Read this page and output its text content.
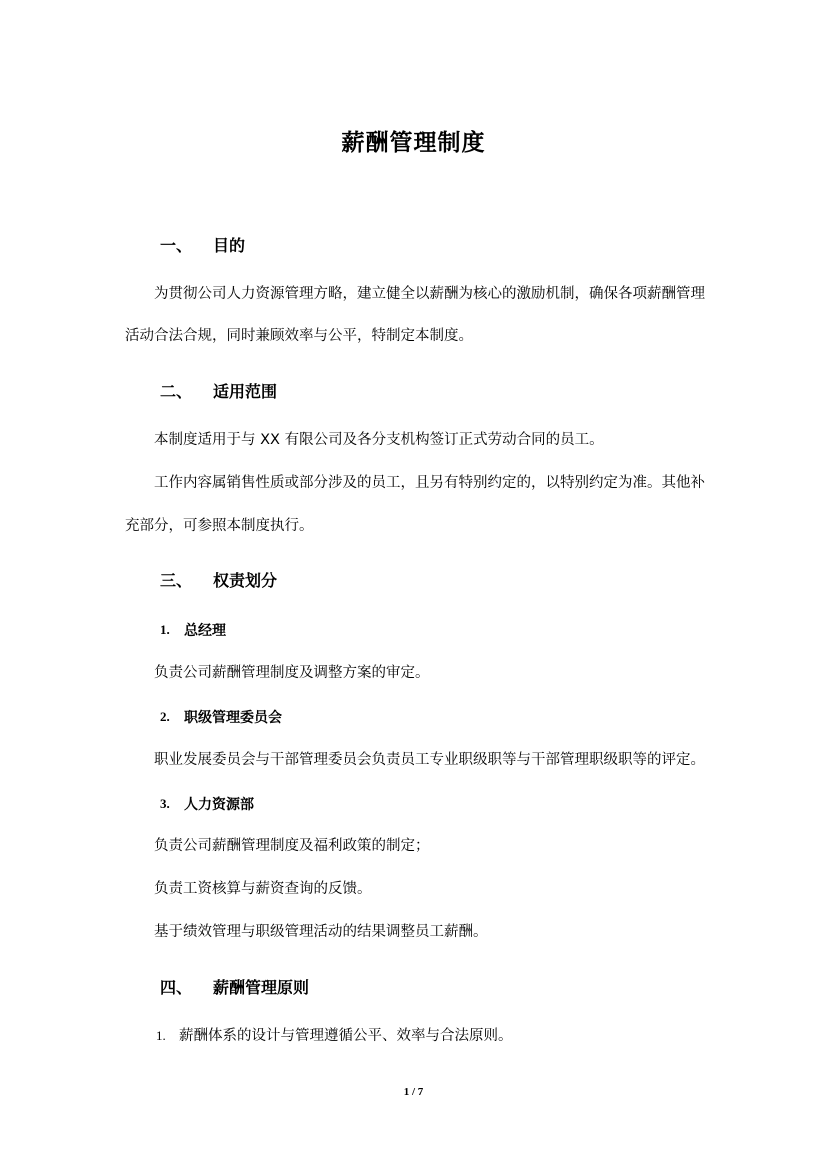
薪酬管理制度
一、 目的
为贯彻公司人力资源管理方略，建立健全以薪酬为核心的激励机制，确保各项薪酬管理
活动合法合规，同时兼顾效率与公平，特制定本制度。
二、 适用范围
本制度适用于与 XX 有限公司及各分支机构签订正式劳动合同的员工。
工作内容属销售性质或部分涉及的员工，且另有特别约定的，以特别约定为准。其他补
充部分，可参照本制度执行。
三、 权责划分
1. 总经理
负责公司薪酬管理制度及调整方案的审定。
2. 职级管理委员会
职业发展委员会与干部管理委员会负责员工专业职级职等与干部管理职级职等的评定。
3. 人力资源部
负责公司薪酬管理制度及福利政策的制定；
负责工资核算与薪资查询的反馈。
基于绩效管理与职级管理活动的结果调整员工薪酬。
四、 薪酬管理原则
1. 薪酬体系的设计与管理遵循公平、效率与合法原则。
1 / 7
